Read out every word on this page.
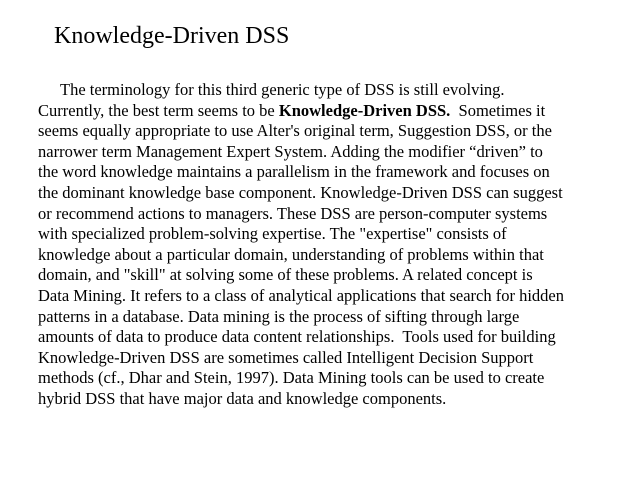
Knowledge-Driven DSS

The terminology for this third generic type of DSS is still evolving.
Currently, the best term seems to be Knowledge-Driven DSS.  Sometimes it
seems equally appropriate to use Alter's original term, Suggestion DSS, or the
narrower term Management Expert System. Adding the modifier “driven” to
the word knowledge maintains a parallelism in the framework and focuses on
the dominant knowledge base component. Knowledge-Driven DSS can suggest
or recommend actions to managers. These DSS are person-computer systems
with specialized problem-solving expertise. The "expertise" consists of
knowledge about a particular domain, understanding of problems within that
domain, and "skill" at solving some of these problems. A related concept is
Data Mining. It refers to a class of analytical applications that search for hidden
patterns in a database. Data mining is the process of sifting through large
amounts of data to produce data content relationships.  Tools used for building
Knowledge-Driven DSS are sometimes called Intelligent Decision Support
methods (cf., Dhar and Stein, 1997). Data Mining tools can be used to create
hybrid DSS that have major data and knowledge components.
